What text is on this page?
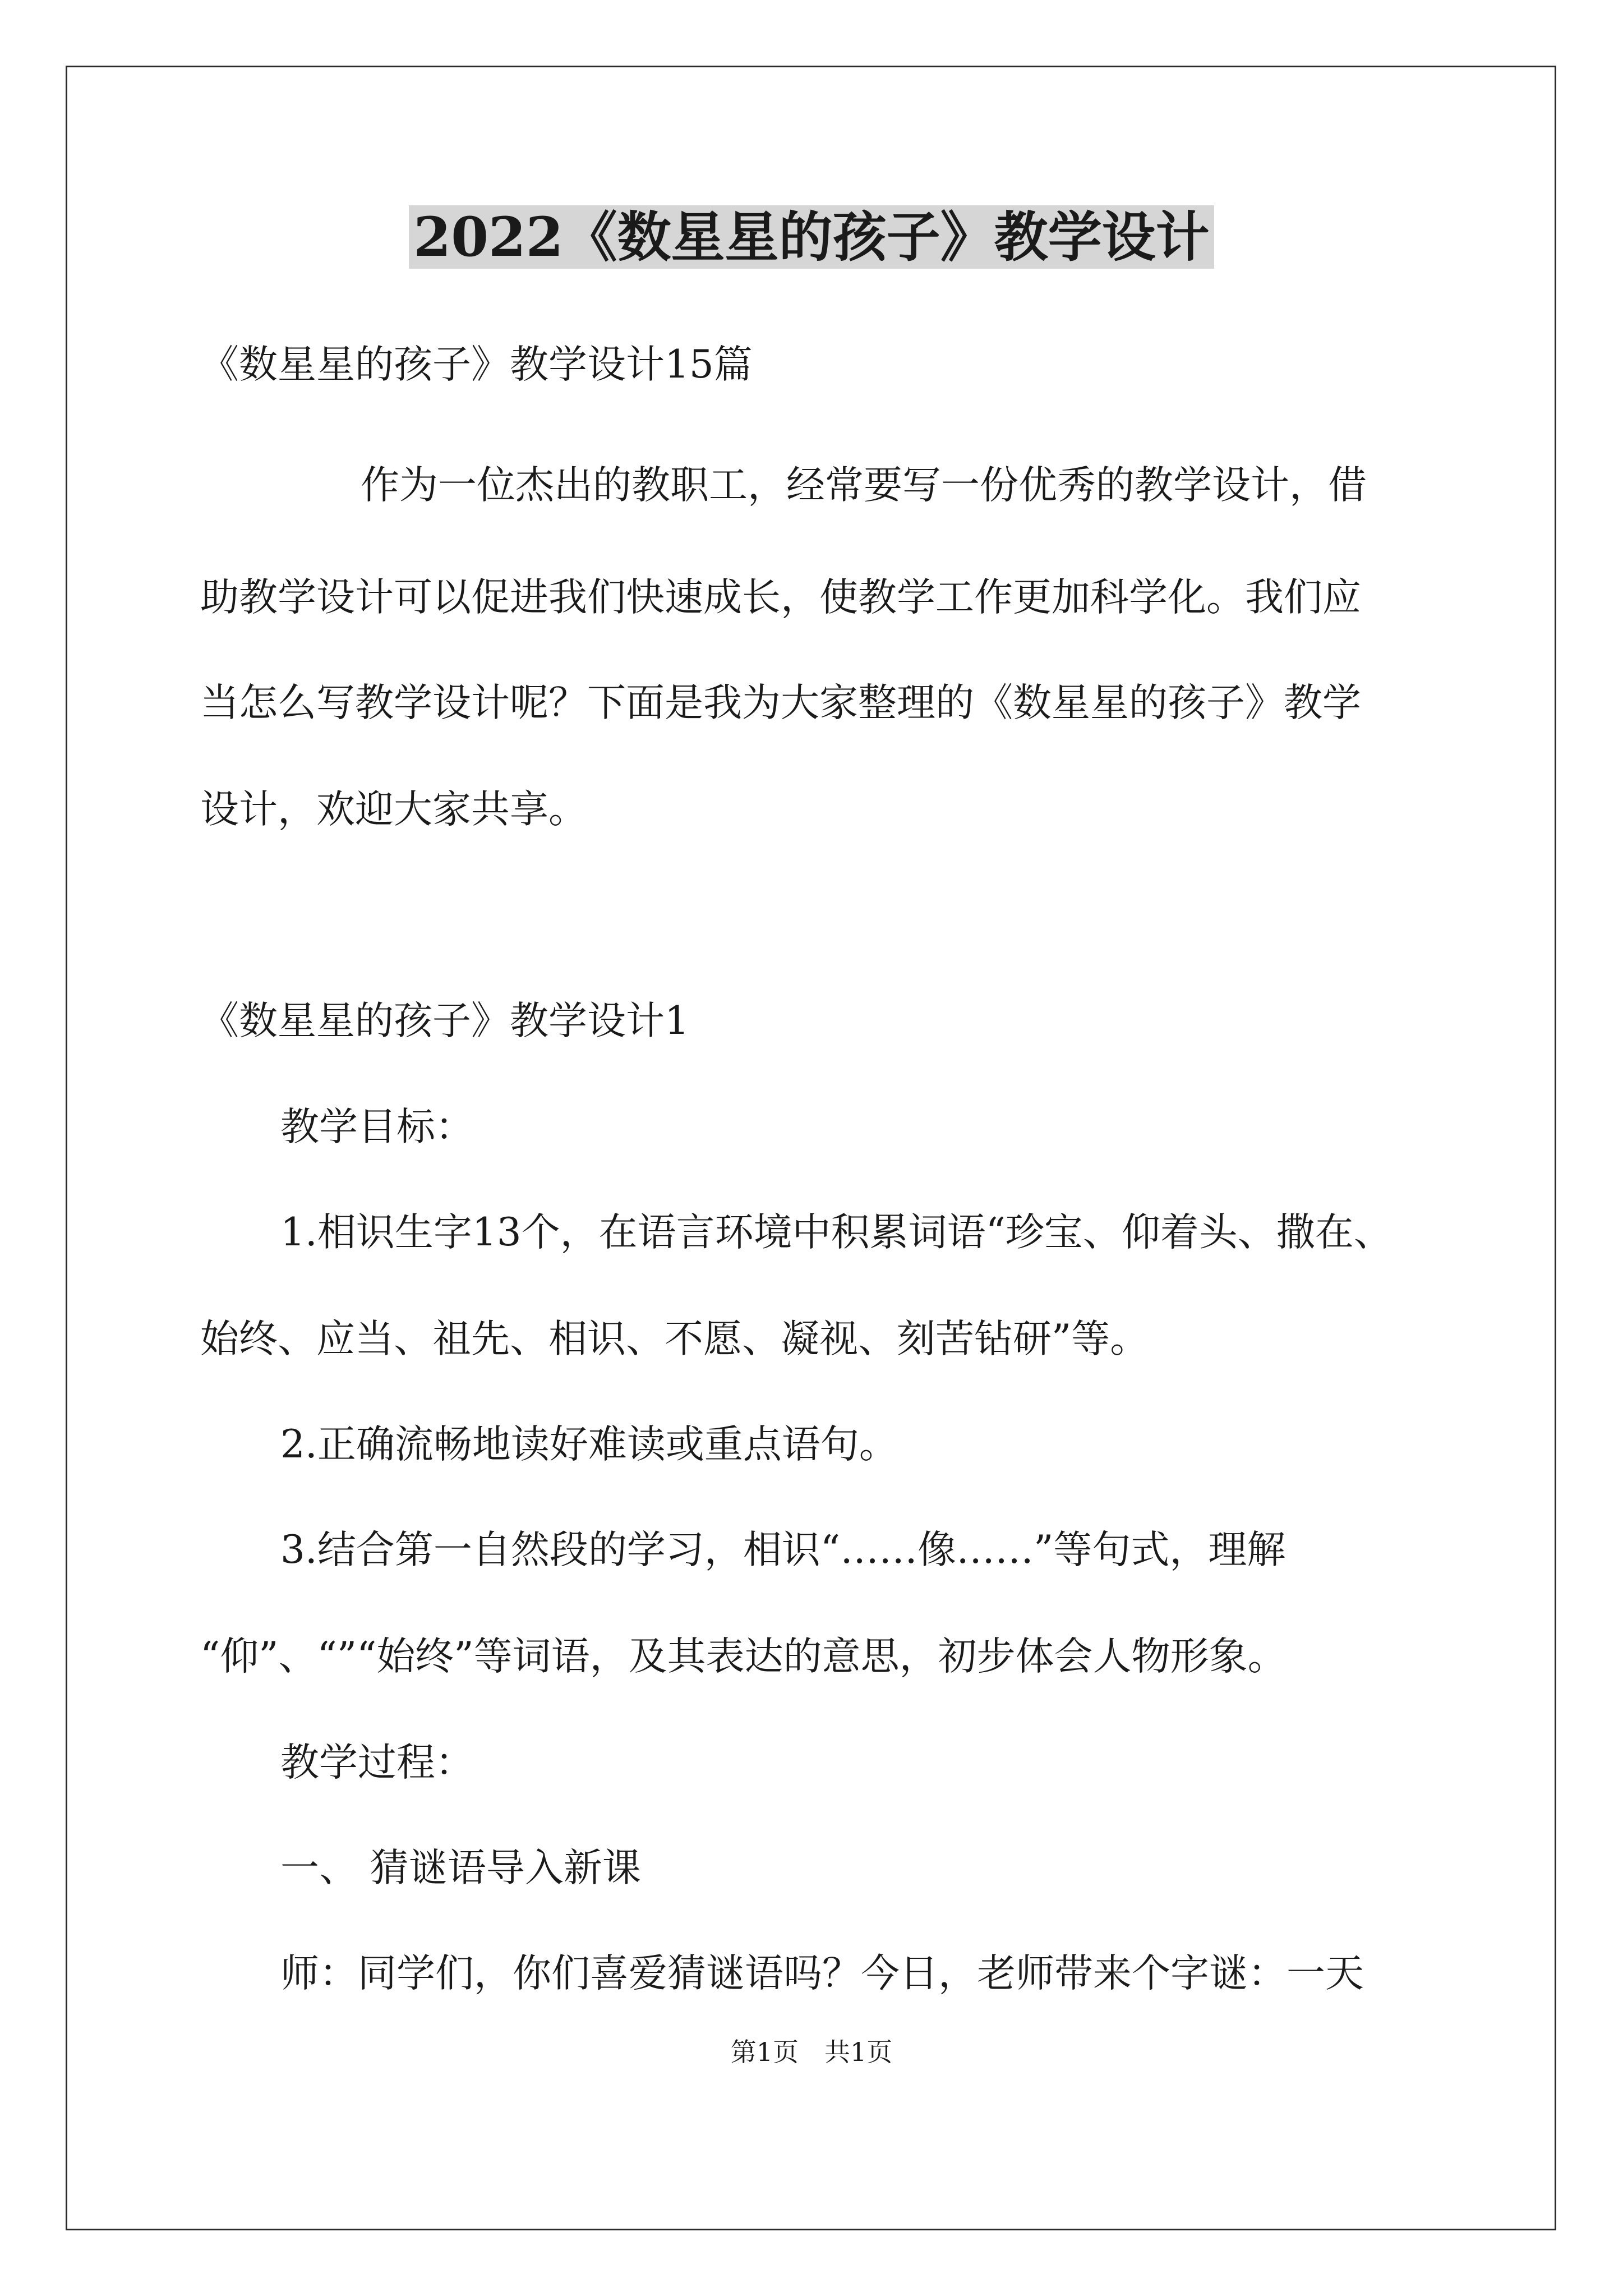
2022《数星星的孩子》教学设计

《数星星的孩子》教学设计15篇

作为一位杰出的教职工，经常要写一份优秀的教学设计，借

助教学设计可以促进我们快速成长，使教学工作更加科学化。我们应

当怎么写教学设计呢？下面是我为大家整理的《数星星的孩子》教学

设计，欢迎大家共享。

《数星星的孩子》教学设计1

教学目标：

1.相识生字13个，在语言环境中积累词语“珍宝、仰着头、撒在、

始终、应当、祖先、相识、不愿、凝视、刻苦钻研”等。

2.正确流畅地读好难读或重点语句。

3.结合第一自然段的学习，相识“……像……”等句式，理解

“仰”、“”“始终”等词语，及其表达的意思，初步体会人物形象。

教学过程：

一、 猜谜语导入新课

师：同学们，你们喜爱猜谜语吗？今日，老师带来个字谜：一天

第1页　共1页
